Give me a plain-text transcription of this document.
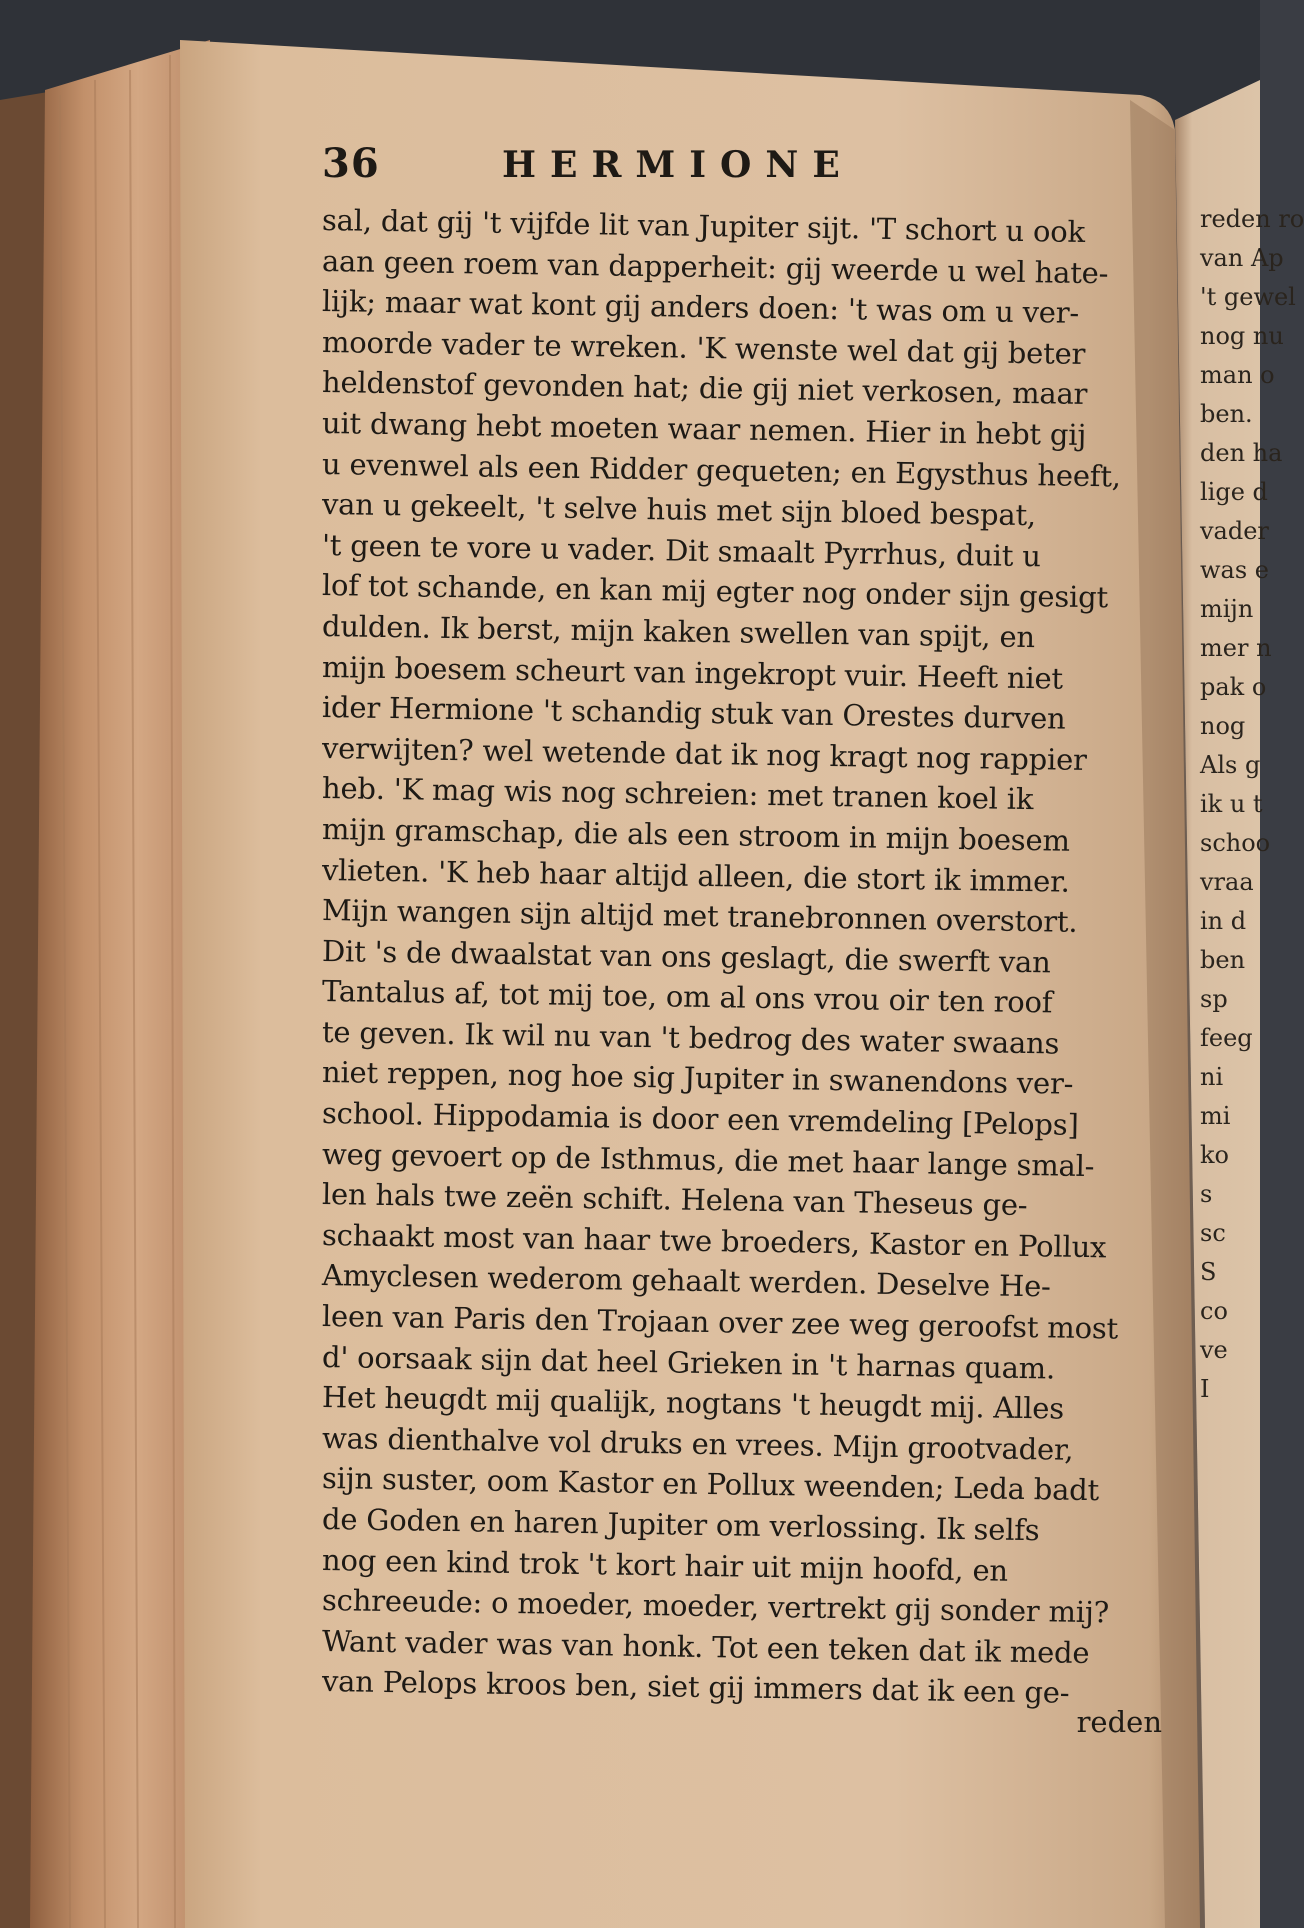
36	HERMIONE
sal, dat gij 't vijfde lit van Jupiter sijt. 'T schort u ook
aan geen roem van dapperheit: gij weerde u wel hate-
lijk; maar wat kont gij anders doen: 't was om u ver-
moorde vader te wreken. 'K wenste wel dat gij beter
heldenstof gevonden hat; die gij niet verkosen, maar
uit dwang hebt moeten waar nemen. Hier in hebt gij
u evenwel als een Ridder gequeten; en Egysthus heeft,
van u gekeelt, 't selve huis met sijn bloed bespat,
't geen te vore u vader. Dit smaalt Pyrrhus, duit u
lof tot schande, en kan mij egter nog onder sijn gesigt
dulden. Ik berst, mijn kaken swellen van spijt, en
mijn boesem scheurt van ingekropt vuir. Heeft niet
ider Hermione 't schandig stuk van Orestes durven
verwijten? wel wetende dat ik nog kragt nog rappier
heb. 'K mag wis nog schreien: met tranen koel ik
mijn gramschap, die als een stroom in mijn boesem
vlieten. 'K heb haar altijd alleen, die stort ik immer.
Mijn wangen sijn altijd met tranebronnen overstort.
Dit 's de dwaalstat van ons geslagt, die swerft van
Tantalus af, tot mij toe, om al ons vrou oir ten roof
te geven. Ik wil nu van 't bedrog des water swaans
niet reppen, nog hoe sig Jupiter in swanendons ver-
school. Hippodamia is door een vremdeling [Pelops]
weg gevoert op de Isthmus, die met haar lange smal-
len hals twe zeën schift. Helena van Theseus ge-
schaakt most van haar twe broeders, Kastor en Pollux
Amyclesen wederom gehaalt werden. Deselve He-
leen van Paris den Trojaan over zee weg geroofst most
d' oorsaak sijn dat heel Grieken in 't harnas quam.
Het heugdt mij qualijk, nogtans 't heugdt mij. Alles
was dienthalve vol druks en vrees. Mijn grootvader,
sijn suster, oom Kastor en Pollux weenden; Leda badt
de Goden en haren Jupiter om verlossing. Ik selfs
nog een kind trok 't kort hair uit mijn hoofd, en
schreeude: o moeder, moeder, vertrekt gij sonder mij?
Want vader was van honk. Tot een teken dat ik mede
van Pelops kroos ben, siet gij immers dat ik een ge-
reden
reden ro
van Ap
't gewel
nog nu
man o
ben.
den ha
lige d
vader
was e
mijn
mer n
pak o
nog
Als g
ik u t
schoo
vraa
in d
ben
sp
feeg
ni
mi
ko
s
sc
S
co
ve
I
